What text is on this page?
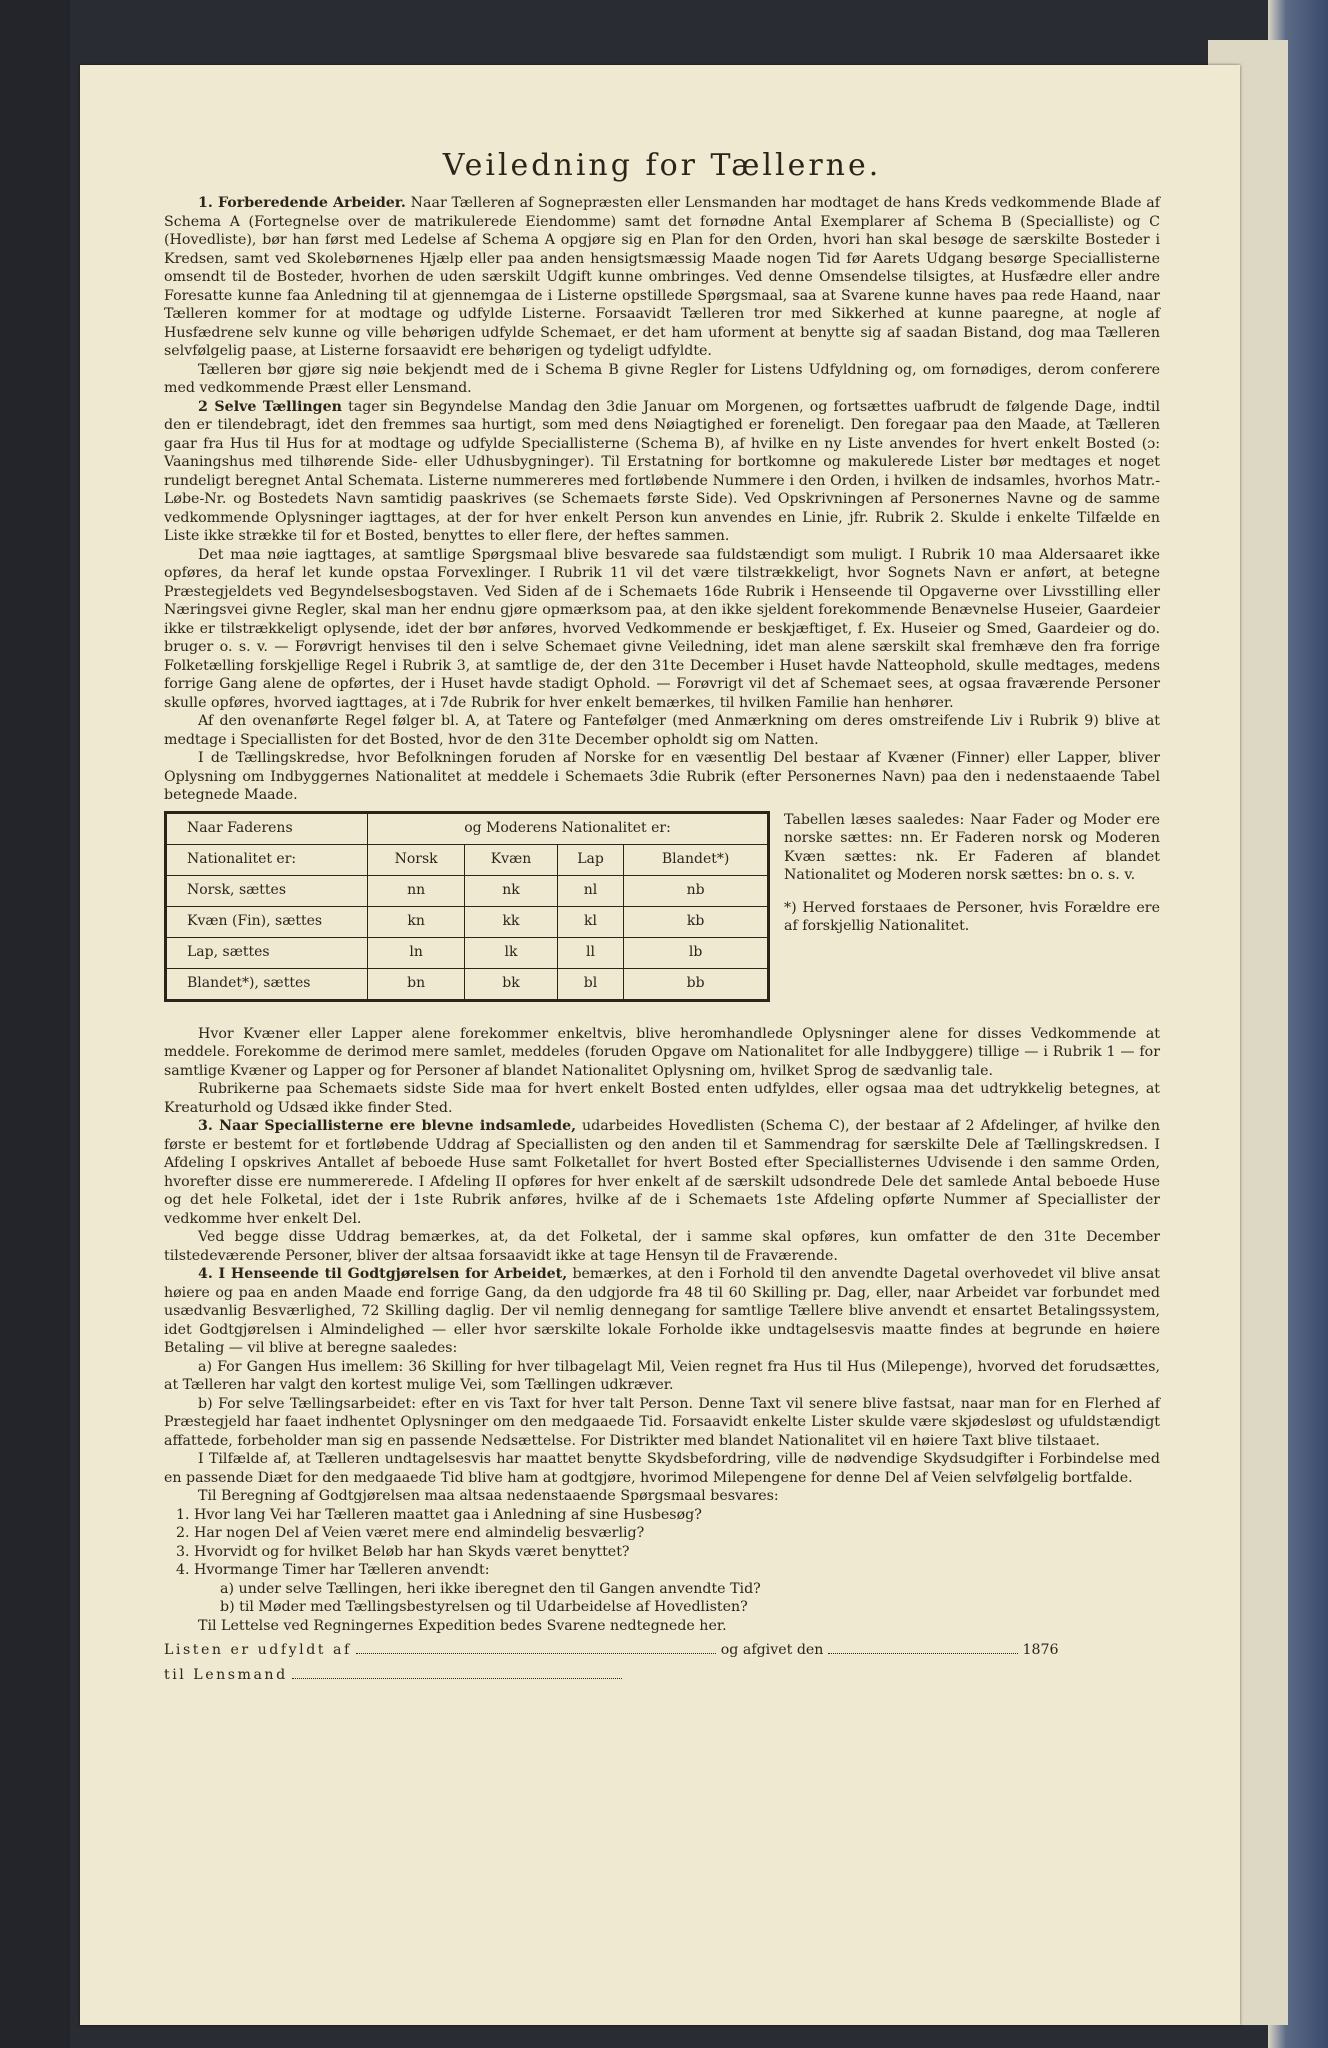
Veiledning for Tællerne.

1. Forberedende Arbeider. Naar Tælleren af Sognepræsten eller Lensmanden har modtaget de hans Kreds vedkommende Blade af Schema A (Fortegnelse over de matrikulerede Eiendomme) samt det fornødne Antal Exemplarer af Schema B (Specialliste) og C (Hovedliste), bør han først med Ledelse af Schema A opgjøre sig en Plan for den Orden, hvori han skal besøge de særskilte Bosteder i Kredsen, samt ved Skolebørnenes Hjælp eller paa anden hensigtsmæssig Maade nogen Tid før Aarets Udgang besørge Speciallisterne omsendt til de Bosteder, hvorhen de uden særskilt Udgift kunne ombringes. Ved denne Omsendelse tilsigtes, at Husfædre eller andre Foresatte kunne faa Anledning til at gjennemgaa de i Listerne opstillede Spørgsmaal, saa at Svarene kunne haves paa rede Haand, naar Tælleren kommer for at modtage og udfylde Listerne. Forsaavidt Tælleren tror med Sikkerhed at kunne paaregne, at nogle af Husfædrene selv kunne og ville behørigen udfylde Schemaet, er det ham uforment at benytte sig af saadan Bistand, dog maa Tælleren selvfølgelig paase, at Listerne forsaavidt ere behørigen og tydeligt udfyldte.

Tælleren bør gjøre sig nøie bekjendt med de i Schema B givne Regler for Listens Udfyldning og, om fornødiges, derom conferere med vedkommende Præst eller Lensmand.

2 Selve Tællingen tager sin Begyndelse Mandag den 3die Januar om Morgenen, og fortsættes uafbrudt de følgende Dage, indtil den er tilendebragt, idet den fremmes saa hurtigt, som med dens Nøiagtighed er foreneligt. Den foregaar paa den Maade, at Tælleren gaar fra Hus til Hus for at modtage og udfylde Speciallisterne (Schema B), af hvilke en ny Liste anvendes for hvert enkelt Bosted (ɔ: Vaaningshus med tilhørende Side- eller Udhusbygninger). Til Erstatning for bortkomne og makulerede Lister bør medtages et noget rundeligt beregnet Antal Schemata. Listerne nummereres med fortløbende Nummere i den Orden, i hvilken de indsamles, hvorhos Matr.-Løbe-Nr. og Bostedets Navn samtidig paaskrives (se Schemaets første Side). Ved Opskrivningen af Personernes Navne og de samme vedkommende Oplysninger iagttages, at der for hver enkelt Person kun anvendes en Linie, jfr. Rubrik 2. Skulde i enkelte Tilfælde en Liste ikke strække til for et Bosted, benyttes to eller flere, der heftes sammen.

Det maa nøie iagttages, at samtlige Spørgsmaal blive besvarede saa fuldstændigt som muligt. I Rubrik 10 maa Aldersaaret ikke opføres, da heraf let kunde opstaa Forvexlinger. I Rubrik 11 vil det være tilstrækkeligt, hvor Sognets Navn er anført, at betegne Præstegjeldets ved Begyndelsesbogstaven. Ved Siden af de i Schemaets 16de Rubrik i Henseende til Opgaverne over Livsstilling eller Næringsvei givne Regler, skal man her endnu gjøre opmærksom paa, at den ikke sjeldent forekommende Benævnelse Huseier, Gaardeier ikke er tilstrækkeligt oplysende, idet der bør anføres, hvorved Vedkommende er beskjæftiget, f. Ex. Huseier og Smed, Gaardeier og do. bruger o. s. v. — Forøvrigt henvises til den i selve Schemaet givne Veiledning, idet man alene særskilt skal fremhæve den fra forrige Folketælling forskjellige Regel i Rubrik 3, at samtlige de, der den 31te December i Huset havde Natteophold, skulle medtages, medens forrige Gang alene de opførtes, der i Huset havde stadigt Ophold. — Forøvrigt vil det af Schemaet sees, at ogsaa fraværende Personer skulle opføres, hvorved iagttages, at i 7de Rubrik for hver enkelt bemærkes, til hvilken Familie han henhører.

Af den ovenanførte Regel følger bl. A, at Tatere og Fantefølger (med Anmærkning om deres omstreifende Liv i Rubrik 9) blive at medtage i Speciallisten for det Bosted, hvor de den 31te December opholdt sig om Natten.

I de Tællingskredse, hvor Befolkningen foruden af Norske for en væsentlig Del bestaar af Kvæner (Finner) eller Lapper, bliver Oplysning om Indbyggernes Nationalitet at meddele i Schemaets 3die Rubrik (efter Personernes Navn) paa den i nedenstaaende Tabel betegnede Maade.

Naar Faderens	og Moderens Nationalitet er:			
Nationalitet er:	Norsk	Kvæn	Lap	Blandet*)
Norsk, sættes	nn	nk	nl	nb
Kvæn (Fin), sættes	kn	kk	kl	kb
Lap, sættes	ln	lk	ll	lb
Blandet*), sættes	bn	bk	bl	bb

Tabellen læses saaledes: Naar Fader og Moder ere norske sættes: nn. Er Faderen norsk og Moderen Kvæn sættes: nk. Er Faderen af blandet Nationalitet og Moderen norsk sættes: bn o. s. v.

*) Herved forstaaes de Personer, hvis Forældre ere af forskjellig Nationalitet.

Hvor Kvæner eller Lapper alene forekommer enkeltvis, blive heromhandlede Oplysninger alene for disses Vedkommende at meddele. Forekomme de derimod mere samlet, meddeles (foruden Opgave om Nationalitet for alle Indbyggere) tillige — i Rubrik 1 — for samtlige Kvæner og Lapper og for Personer af blandet Nationalitet Oplysning om, hvilket Sprog de sædvanlig tale.

Rubrikerne paa Schemaets sidste Side maa for hvert enkelt Bosted enten udfyldes, eller ogsaa maa det udtrykkelig betegnes, at Kreaturhold og Udsæd ikke finder Sted.

3. Naar Speciallisterne ere blevne indsamlede, udarbeides Hovedlisten (Schema C), der bestaar af 2 Afdelinger, af hvilke den første er bestemt for et fortløbende Uddrag af Speciallisten og den anden til et Sammendrag for særskilte Dele af Tællingskredsen. I Afdeling I opskrives Antallet af beboede Huse samt Folketallet for hvert Bosted efter Speciallisternes Udvisende i den samme Orden, hvorefter disse ere nummererede. I Afdeling II opføres for hver enkelt af de særskilt udsondrede Dele det samlede Antal beboede Huse og det hele Folketal, idet der i 1ste Rubrik anføres, hvilke af de i Schemaets 1ste Afdeling opførte Nummer af Speciallister der vedkomme hver enkelt Del.

Ved begge disse Uddrag bemærkes, at, da det Folketal, der i samme skal opføres, kun omfatter de den 31te December tilstedeværende Personer, bliver der altsaa forsaavidt ikke at tage Hensyn til de Fraværende.

4. I Henseende til Godtgjørelsen for Arbeidet, bemærkes, at den i Forhold til den anvendte Dagetal overhovedet vil blive ansat høiere og paa en anden Maade end forrige Gang, da den udgjorde fra 48 til 60 Skilling pr. Dag, eller, naar Arbeidet var forbundet med usædvanlig Besværlighed, 72 Skilling daglig. Der vil nemlig dennegang for samtlige Tællere blive anvendt et ensartet Betalingssystem, idet Godtgjørelsen i Almindelighed — eller hvor særskilte lokale Forholde ikke undtagelsesvis maatte findes at begrunde en høiere Betaling — vil blive at beregne saaledes:

a) For Gangen Hus imellem: 36 Skilling for hver tilbagelagt Mil, Veien regnet fra Hus til Hus (Milepenge), hvorved det forudsættes, at Tælleren har valgt den kortest mulige Vei, som Tællingen udkræver.

b) For selve Tællingsarbeidet: efter en vis Taxt for hver talt Person. Denne Taxt vil senere blive fastsat, naar man for en Flerhed af Præstegjeld har faaet indhentet Oplysninger om den medgaaede Tid. Forsaavidt enkelte Lister skulde være skjødesløst og ufuldstændigt affattede, forbeholder man sig en passende Nedsættelse. For Distrikter med blandet Nationalitet vil en høiere Taxt blive tilstaaet.

I Tilfælde af, at Tælleren undtagelsesvis har maattet benytte Skydsbefordring, ville de nødvendige Skydsudgifter i Forbindelse med en passende Diæt for den medgaaede Tid blive ham at godtgjøre, hvorimod Milepengene for denne Del af Veien selvfølgelig bortfalde.

Til Beregning af Godtgjørelsen maa altsaa nedenstaaende Spørgsmaal besvares:

1. Hvor lang Vei har Tælleren maattet gaa i Anledning af sine Husbesøg?
2. Har nogen Del af Veien været mere end almindelig besværlig?
3. Hvorvidt og for hvilket Beløb har han Skyds været benyttet?
4. Hvormange Timer har Tælleren anvendt:

a) under selve Tællingen, heri ikke iberegnet den til Gangen anvendte Tid?

b) til Møder med Tællingsbestyrelsen og til Udarbeidelse af Hovedlisten?

Til Lettelse ved Regningernes Expedition bedes Svarene nedtegnede her.

Listen er udfyldt af	og afgivet den	1876

til Lensmand
